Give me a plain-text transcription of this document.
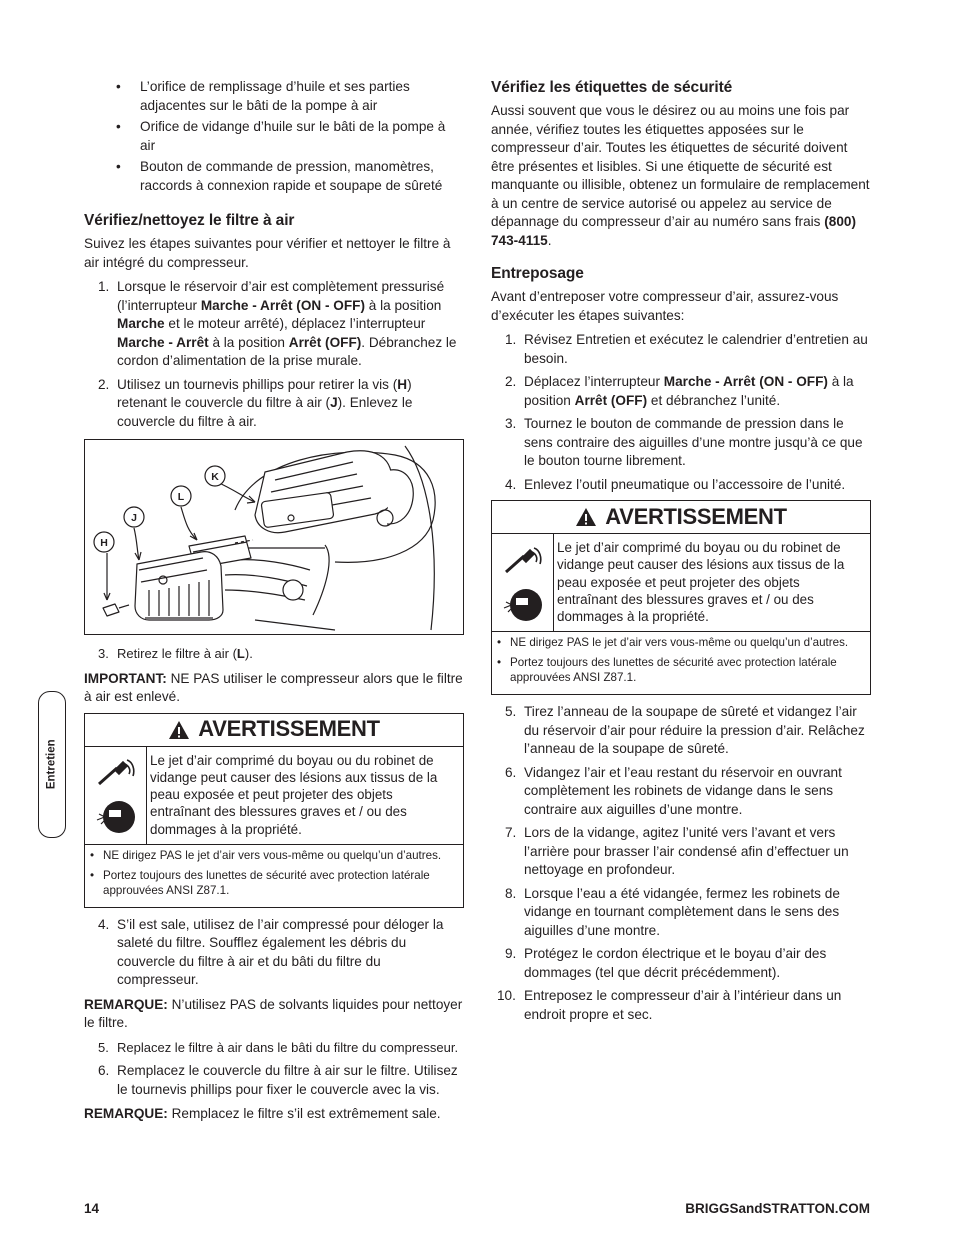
• L’orifice de remplissage d’huile et ses parties adjacentes sur le bâti de la pompe à air
• Orifice de vidange d’huile sur le bâti de la pompe à air
• Bouton de commande de pression, manomètres, raccords à connexion rapide et soupape de sûreté
Vérifiez/nettoyez le filtre à air

Suivez les étapes suivantes pour vérifier et nettoyer le filtre à air intégré du compresseur.

1. Lorsque le réservoir d’air est complètement pressurisé (l’interrupteur Marche - Arrêt (ON - OFF) à la position Marche et le moteur arrêté), déplacez l’interrupteur Marche - Arrêt à la position Arrêt (OFF). Débranchez le cordon d’alimentation de la prise murale.
2. Utilisez un tournevis phillips pour retirer la vis (H) retenant le couvercle du filtre à air (J). Enlevez le couvercle du filtre à air.
H
J
L
K
3. Retirez le filtre à air (L).

IMPORTANT: NE PAS utiliser le compresseur alors que le filtre à air est enlevé.

AVERTISSEMENT
Le jet d’air comprimé du boyau ou du robinet de vidange peut causer des lésions aux tissus de la peau exposée et peut projeter des objets entraînant des blessures graves et / ou des dommages à la propriété.
• NE dirigez PAS le jet d’air vers vous-même ou quelqu’un d’autres.
• Portez toujours des lunettes de sécurité avec protection latérale approuvées ANSI Z87.1.
4. S’il est sale, utilisez de l’air compressé pour déloger la saleté du filtre. Soufflez également les débris du couvercle du filtre à air et du bâti du filtre du compresseur.

REMARQUE: N’utilisez PAS de solvants liquides pour nettoyer le filtre.

5. Replacez le filtre à air dans le bâti du filtre du compresseur.
6. Remplacez le couvercle du filtre à air sur le filtre. Utilisez le tournevis phillips pour fixer le couvercle avec la vis.

REMARQUE: Remplacez le filtre s’il est extrêmement sale.

Vérifiez les étiquettes de sécurité

Aussi souvent que vous le désirez ou au moins une fois par année, vérifiez toutes les étiquettes apposées sur le compresseur d’air. Toutes les étiquettes de sécurité doivent être présentes et lisibles. Si une étiquette de sécurité est manquante ou illisible, obtenez un formulaire de remplacement à un centre de service autorisé ou appelez au service de dépannage du compresseur d’air au numéro sans frais (800) 743-4115.

Entreposage

Avant d’entreposer votre compresseur d’air, assurez-vous d’exécuter les étapes suivantes:

1. Révisez Entretien et exécutez le calendrier d’entretien au besoin.
2. Déplacez l’interrupteur Marche - Arrêt (ON - OFF) à la position Arrêt (OFF) et débranchez l’unité.
3. Tournez le bouton de commande de pression dans le sens contraire des aiguilles d’une montre jusqu’à ce que le bouton tourne librement.
4. Enlevez l’outil pneumatique ou l’accessoire de l’unité.
AVERTISSEMENT
Le jet d’air comprimé du boyau ou du robinet de vidange peut causer des lésions aux tissus de la peau exposée et peut projeter des objets entraînant des blessures graves et / ou des dommages à la propriété.
• NE dirigez PAS le jet d’air vers vous-même ou quelqu’un d’autres.
• Portez toujours des lunettes de sécurité avec protection latérale approuvées ANSI Z87.1.
5. Tirez l’anneau de la soupape de sûreté et vidangez l’air du réservoir d’air pour réduire la pression d’air. Relâchez l’anneau de la soupape de sûreté.
6. Vidangez l’air et l’eau restant du réservoir en ouvrant complètement les robinets de vidange dans le sens contraire aux aiguilles d’une montre.
7. Lors de la vidange, agitez l’unité vers l’avant et vers l’arrière pour brasser l’air condensé afin d’effectuer un nettoyage en profondeur.
8. Lorsque l’eau a été vidangée, fermez les robinets de vidange en tournant complètement dans le sens des aiguilles d’une montre.
9. Protégez le cordon électrique et le boyau d’air des dommages (tel que décrit précédemment).
10. Entreposez le compresseur d’air à l’intérieur dans un endroit propre et sec.
Entretien
14	BRIGGSandSTRATTON.COM
